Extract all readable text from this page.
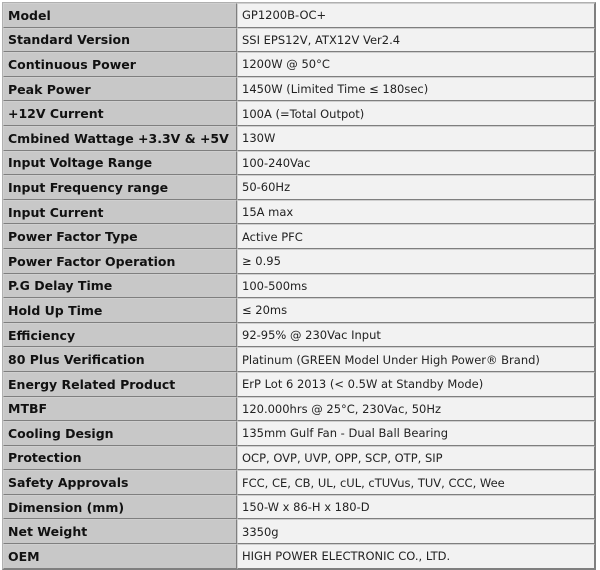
Model	GP1200B-OC+
Standard Version	SSI EPS12V, ATX12V Ver2.4
Continuous Power	1200W @ 50°C
Peak Power	1450W (Limited Time ≤ 180sec)
+12V Current	100A (=Total Outpot)
Cmbined Wattage +3.3V & +5V	130W
Input Voltage Range	100-240Vac
Input Frequency range	50-60Hz
Input Current	15A max
Power Factor Type	Active PFC
Power Factor Operation	≥ 0.95
P.G Delay Time	100-500ms
Hold Up Time	≤ 20ms
Efficiency	92-95% @ 230Vac Input
80 Plus Verification	Platinum (GREEN Model Under High Power® Brand)
Energy Related Product	ErP Lot 6 2013 (< 0.5W at Standby Mode)
MTBF	120.000hrs @ 25°C, 230Vac, 50Hz
Cooling Design	135mm Gulf Fan - Dual Ball Bearing
Protection	OCP, OVP, UVP, OPP, SCP, OTP, SIP
Safety Approvals	FCC, CE, CB, UL, cUL, cTUVus, TUV, CCC, Wee
Dimension (mm)	150-W x 86-H x 180-D
Net Weight	3350g
OEM	HIGH POWER ELECTRONIC CO., LTD.
